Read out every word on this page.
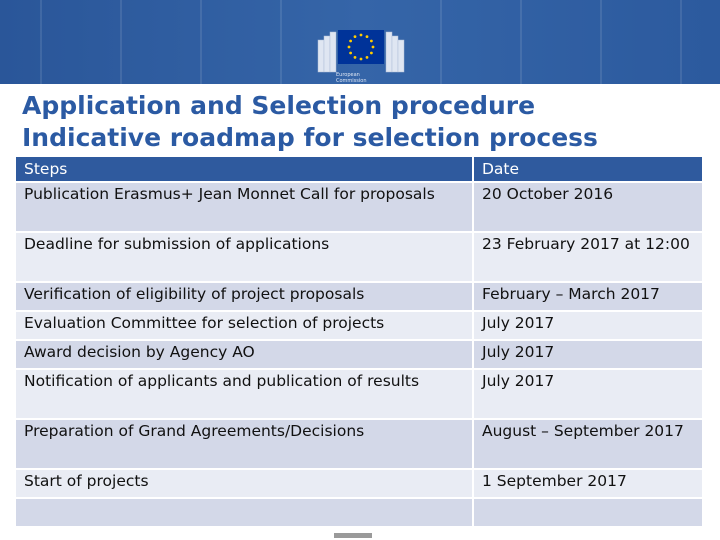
European Commission
Application and Selection procedure
Indicative roadmap for selection process
Steps	Date
Publication Erasmus+ Jean Monnet Call for proposals	20 October 2016
Deadline for submission of applications	23 February 2017 at 12:00
Verification of eligibility of project proposals	February – March 2017
Evaluation Committee for selection of projects	July 2017
Award decision by Agency AO	July 2017
Notification of applicants and publication of results	July 2017
Preparation of Grand Agreements/Decisions	August – September 2017
Start of projects	1 September 2017
